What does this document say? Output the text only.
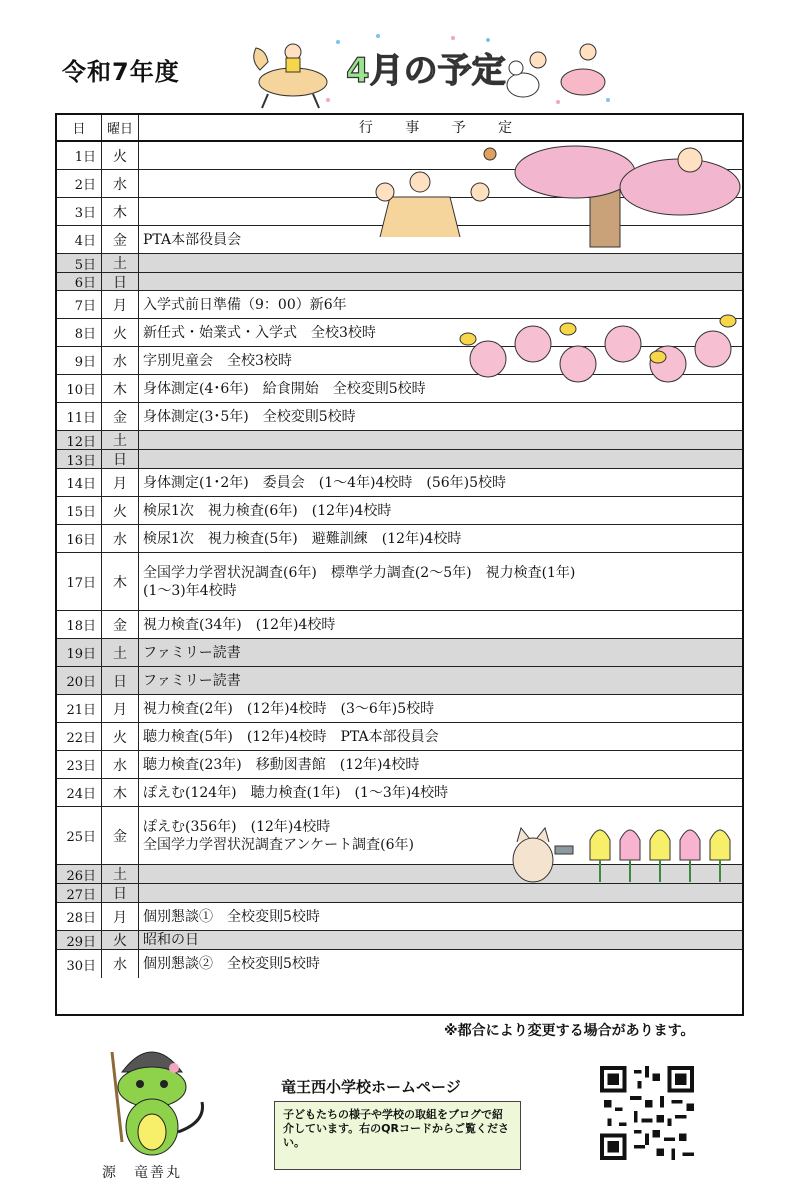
令和7年度	4月の予定
日	曜日	行 事 予 定
1日	火
2日	水
3日	木
4日	金	PTA本部役員会
5日	土
6日	日
7日	月	入学式前日準備（9：00）新6年
8日	火	新任式・始業式・入学式　全校3校時
9日	水	字別児童会　全校3校時
10日	木	身体測定(4･6年)　給食開始　全校変則5校時
11日	金	身体測定(3･5年)　全校変則5校時
12日	土
13日	日
14日	月	身体測定(1･2年)　委員会　(1～4年)4校時　(56年)5校時
15日	火	検尿1次　視力検査(6年)　(12年)4校時
16日	水	検尿1次　視力検査(5年)　避難訓練　(12年)4校時
17日	木
全国学力学習状況調査(6年)　標準学力調査(2～5年)　視力検査(1年)
(1～3)年4校時
18日	金	視力検査(34年)　(12年)4校時
19日	土	ファミリー読書
20日	日	ファミリー読書
21日	月	視力検査(2年)　(12年)4校時　(3～6年)5校時
22日	火	聴力検査(5年)　(12年)4校時　PTA本部役員会
23日	水	聴力検査(23年)　移動図書館　(12年)4校時
24日	木	ぽえむ(124年)　聴力検査(1年)　(1～3年)4校時
25日	金
ぽえむ(356年)　(12年)4校時
全国学力学習状況調査アンケート調査(6年)
26日	土
27日	日
28日	月	個別懇談①　全校変則5校時
29日	火	昭和の日
30日	水	個別懇談②　全校変則5校時
※都合により変更する場合があります。
源　竜善丸
竜王西小学校ホームページ
子どもたちの様子や学校の取組をブログで紹介しています。右のQRコードからご覧ください。
